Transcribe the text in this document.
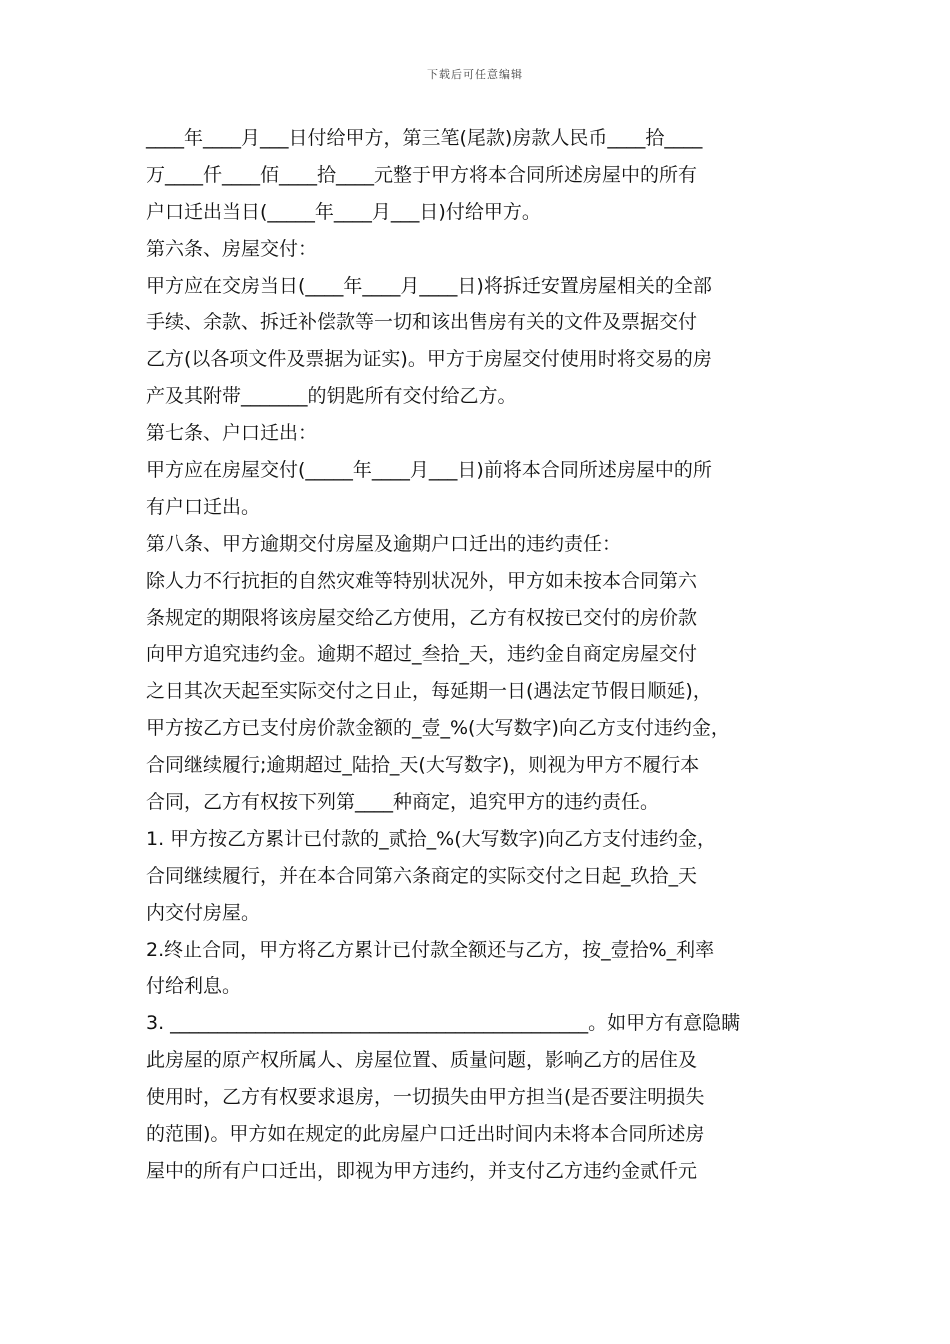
下载后可任意编辑
____年____月___日付给甲方，第三笔(尾款)房款人民币____拾____
万____仟____佰____拾____元整于甲方将本合同所述房屋中的所有
户口迁出当日(_____年____月___日)付给甲方。
第六条、房屋交付：
甲方应在交房当日(____年____月____日)将拆迁安置房屋相关的全部
手续、余款、拆迁补偿款等一切和该出售房有关的文件及票据交付
乙方(以各项文件及票据为证实)。甲方于房屋交付使用时将交易的房
产及其附带_______的钥匙所有交付给乙方。
第七条、户口迁出：
甲方应在房屋交付(_____年____月___日)前将本合同所述房屋中的所
有户口迁出。
第八条、甲方逾期交付房屋及逾期户口迁出的违约责任：
除人力不行抗拒的自然灾难等特别状况外，甲方如未按本合同第六
条规定的期限将该房屋交给乙方使用，乙方有权按已交付的房价款
向甲方追究违约金。逾期不超过_叁拾_天，违约金自商定房屋交付
之日其次天起至实际交付之日止，每延期一日(遇法定节假日顺延)，
甲方按乙方已支付房价款金额的_壹_%(大写数字)向乙方支付违约金，
合同继续履行;逾期超过_陆拾_天(大写数字)，则视为甲方不履行本
合同，乙方有权按下列第____种商定，追究甲方的违约责任。
1. 甲方按乙方累计已付款的_贰拾_%(大写数字)向乙方支付违约金，
合同继续履行，并在本合同第六条商定的实际交付之日起_玖拾_天
内交付房屋。
2.终止合同，甲方将乙方累计已付款全额还与乙方，按_壹拾%_利率
付给利息。
3. ____________________________________________。如甲方有意隐瞒
此房屋的原产权所属人、房屋位置、质量问题，影响乙方的居住及
使用时，乙方有权要求退房，一切损失由甲方担当(是否要注明损失
的范围)。甲方如在规定的此房屋户口迁出时间内未将本合同所述房
屋中的所有户口迁出，即视为甲方违约，并支付乙方违约金贰仟元
